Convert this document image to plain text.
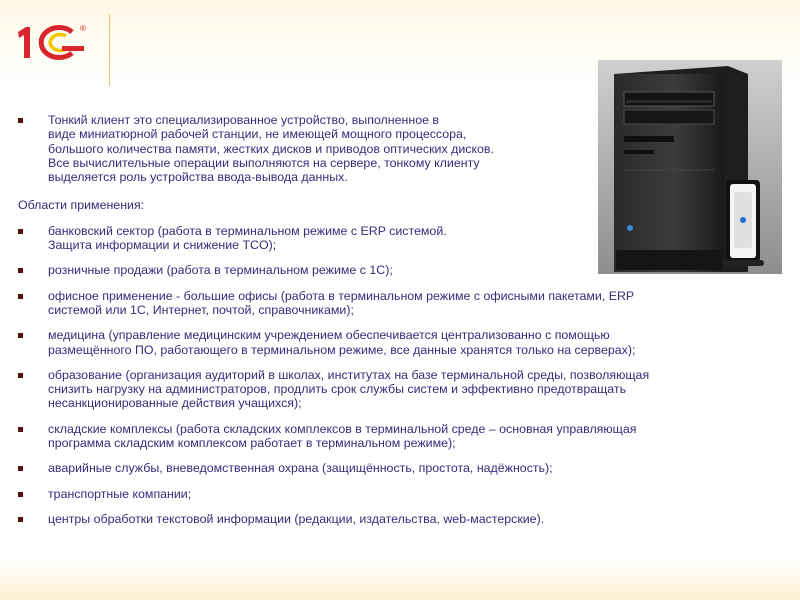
®
Тонкий клиент это специализированное устройство, выполненное в
виде миниатюрной рабочей станции, не имеющей мощного процессора,
большого количества памяти, жестких дисков и приводов оптических дисков.
Все вычислительные операции выполняются на сервере, тонкому клиенту
выделяется роль устройства ввода-вывода данных.
Области применения:
банковский сектор (работа в терминальном режиме с ERP системой.
Защита информации и снижение TCO);
розничные продажи (работа в терминальном режиме с 1С);
офисное применение - большие офисы (работа в терминальном режиме с офисными пакетами, ERP
системой или 1С, Интернет, почтой, справочниками);
медицина (управление медицинским учреждением обеспечивается централизованно с помощью
размещённого ПО, работающего в терминальном режиме, все данные хранятся только на серверах);
образование (организация аудиторий в школах, институтах на базе терминальной среды, позволяющая
снизить нагрузку на администраторов, продлить срок службы систем и эффективно предотвращать
несанкционированные действия учащихся);
складские комплексы (работа складских комплексов в терминальной среде – основная управляющая
программа складским комплексом работает в терминальном режиме);
аварийные службы, вневедомственная охрана (защищённость, простота, надёжность);
транспортные компании;
центры обработки текстовой информации (редакции, издательства, web-мастерские).
